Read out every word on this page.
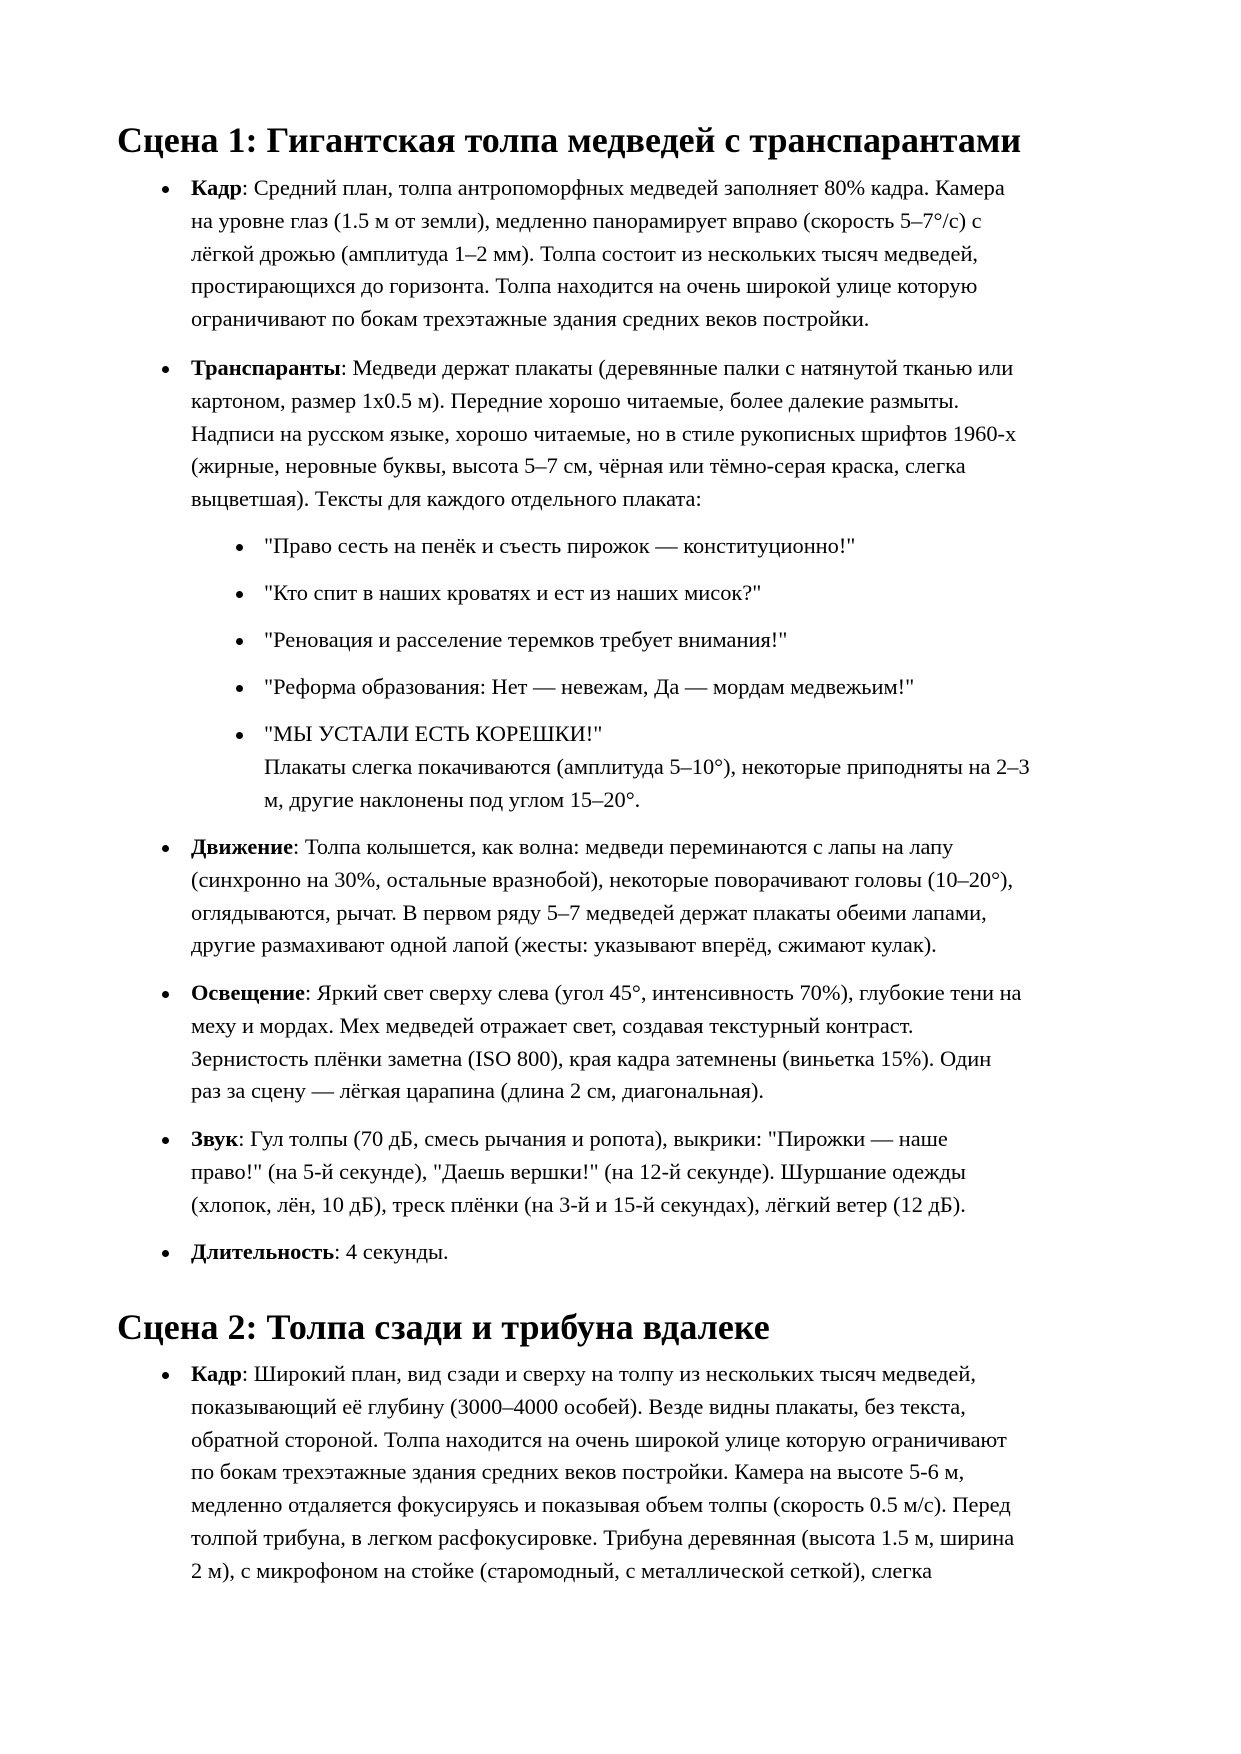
Сцена 1: Гигантская толпа медведей с транспарантами
Кадр: Средний план, толпа антропоморфных медведей заполняет 80% кадра. Камера
на уровне глаз (1.5 м от земли), медленно панорамирует вправо (скорость 5–7°/с) с
лёгкой дрожью (амплитуда 1–2 мм). Толпа состоит из нескольких тысяч медведей,
простирающихся до горизонта. Толпа находится на очень широкой улице которую
ограничивают по бокам трехэтажные здания средних веков постройки.
Транспаранты: Медведи держат плакаты (деревянные палки с натянутой тканью или
картоном, размер 1x0.5 м). Передние хорошо читаемые, более далекие размыты.
Надписи на русском языке, хорошо читаемые, но в стиле рукописных шрифтов 1960-х
(жирные, неровные буквы, высота 5–7 см, чёрная или тёмно-серая краска, слегка
выцветшая). Тексты для каждого отдельного плаката:
"Право сесть на пенёк и съесть пирожок — конституционно!"
"Кто спит в наших кроватях и ест из наших мисок?"
"Реновация и расселение теремков требует внимания!"
"Реформа образования: Нет — невежам, Да — мордам медвежьим!"
"МЫ УСТАЛИ ЕСТЬ КОРЕШКИ!"
Плакаты слегка покачиваются (амплитуда 5–10°), некоторые приподняты на 2–3
м, другие наклонены под углом 15–20°.
Движение: Толпа колышется, как волна: медведи переминаются с лапы на лапу
(синхронно на 30%, остальные вразнобой), некоторые поворачивают головы (10–20°),
оглядываются, рычат. В первом ряду 5–7 медведей держат плакаты обеими лапами,
другие размахивают одной лапой (жесты: указывают вперёд, сжимают кулак).
Освещение: Яркий свет сверху слева (угол 45°, интенсивность 70%), глубокие тени на
меху и мордах. Мех медведей отражает свет, создавая текстурный контраст.
Зернистость плёнки заметна (ISO 800), края кадра затемнены (виньетка 15%). Один
раз за сцену — лёгкая царапина (длина 2 см, диагональная).
Звук: Гул толпы (70 дБ, смесь рычания и ропота), выкрики: "Пирожки — наше
право!" (на 5-й секунде), "Даешь вершки!" (на 12-й секунде). Шуршание одежды
(хлопок, лён, 10 дБ), треск плёнки (на 3-й и 15-й секундах), лёгкий ветер (12 дБ).
Длительность: 4 секунды.
Сцена 2: Толпа сзади и трибуна вдалеке
Кадр: Широкий план, вид сзади и сверху на толпу из нескольких тысяч медведей,
показывающий её глубину (3000–4000 особей). Везде видны плакаты, без текста,
обратной стороной. Толпа находится на очень широкой улице которую ограничивают
по бокам трехэтажные здания средних веков постройки. Камера на высоте 5-6 м,
медленно отдаляется фокусируясь и показывая объем толпы (скорость 0.5 м/с). Перед
толпой трибуна, в легком расфокусировке. Трибуна деревянная (высота 1.5 м, ширина
2 м), с микрофоном на стойке (старомодный, с металлической сеткой), слегка
